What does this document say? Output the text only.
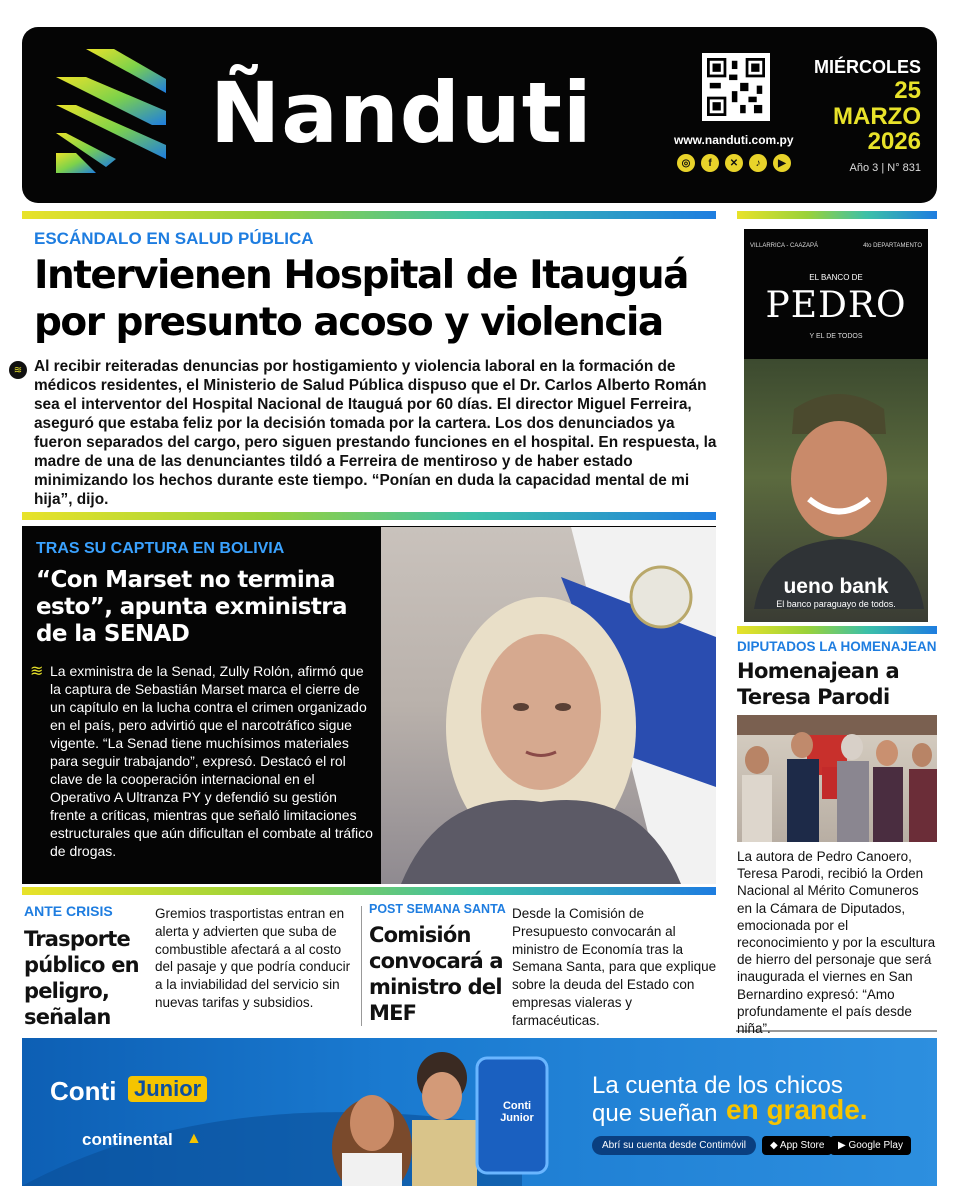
Ñanduti	www.nanduti.com.py
◎	f	✕	♪	▶
MIÉRCOLES
25
MARZO
2026
Año 3 | N° 831
ESCÁNDALO EN SALUD PÚBLICA
Intervienen Hospital de Itauguá por presunto acoso y violencia
≋ Al recibir reiteradas denuncias por hostigamiento y violencia laboral en la formación de médicos residentes, el Ministerio de Salud Pública dispuso que el Dr. Carlos Alberto Román sea el interventor del Hospital Nacional de Itauguá por 60 días. El director Miguel Ferreira, aseguró que estaba feliz por la decisión tomada por la cartera. Los dos denunciados ya fueron separados del cargo, pero siguen prestando funciones en el hospital. En respuesta, la madre de una de las denunciantes tildó a Ferreira de mentiroso y de haber estado minimizando los hechos durante este tiempo. “Ponían en duda la capacidad mental de mi hija”, dijo.
TRAS SU CAPTURA EN BOLIVIA
“Con Marset no termina esto”, apunta exministra de la SENAD
≋ La exministra de la Senad, Zully Rolón, afirmó que la captura de Sebastián Marset marca el cierre de un capítulo en la lucha contra el crimen organizado en el país, pero advirtió que el narcotráfico sigue vigente. “La Senad tiene muchísimos materiales para seguir trabajando”, expresó. Destacó el rol clave de la cooperación internacional en el Operativo A Ultranza PY y defendió su gestión frente a críticas, mientras que señaló limitaciones estructurales que aún dificultan el combate al tráfico de drogas.
VILLARRICA - CAAZAPÁ	4to DEPARTAMENTO
EL BANCO DE
PEDRO
Y EL DE TODOS
ueno bank
El banco paraguayo de todos.
DIPUTADOS LA HOMENAJEAN
Homenajean a Teresa Parodi
La autora de Pedro Canoero, Teresa Parodi, recibió la Orden Nacional al Mérito Comuneros en la Cámara de Diputados, emocionada por el reconocimiento y por la escultura de hierro del personaje que será inaugurada el viernes en San Bernardino expresó: “Amo profundamente el país desde niña”.
ANTE CRISIS
Trasporte público en peligro, señalan
Gremios trasportistas entran en alerta y advierten que suba de combustible afectará a al costo del pasaje y que podría conducir a la inviabilidad del servicio sin nuevas tarifas y subsidios.
POST SEMANA SANTA
Comisión convocará a ministro del MEF
Desde la Comisión de Presupuesto convocarán al ministro de Economía tras la Semana Santa, para que explique sobre la deuda del Estado con empresas vialeras y farmacéuticas.
Conti Junior
continental ▲
Conti Junior
La cuenta de los chicos
que sueñan en grande.
Abrí su cuenta desde Contimóvil	◆ App Store	▶ Google Play
